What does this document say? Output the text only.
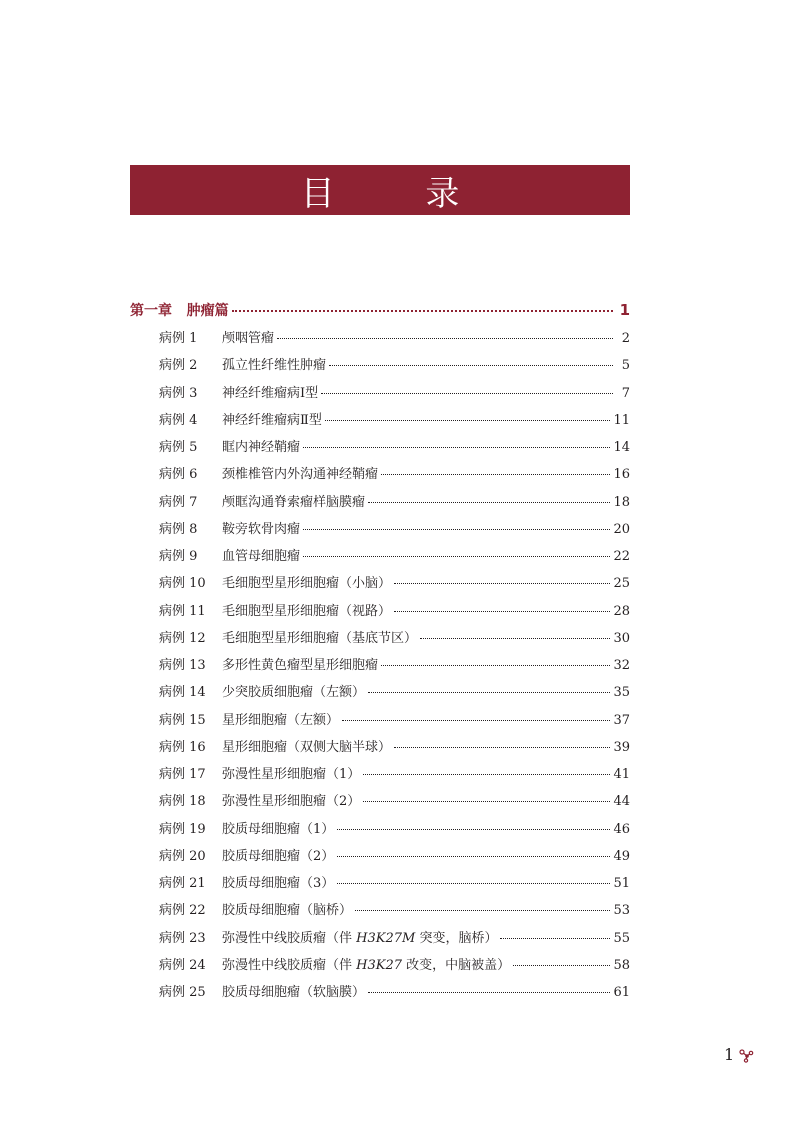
目 录
第一章   肿瘤篇	1
病例 1	颅咽管瘤	2
病例 2	孤立性纤维性肿瘤	5
病例 3	神经纤维瘤病Ⅰ型	7
病例 4	神经纤维瘤病Ⅱ型	11
病例 5	眶内神经鞘瘤	14
病例 6	颈椎椎管内外沟通神经鞘瘤	16
病例 7	颅眶沟通脊索瘤样脑膜瘤	18
病例 8	鞍旁软骨肉瘤	20
病例 9	血管母细胞瘤	22
病例 10	毛细胞型星形细胞瘤（小脑）	25
病例 11	毛细胞型星形细胞瘤（视路）	28
病例 12	毛细胞型星形细胞瘤（基底节区）	30
病例 13	多形性黄色瘤型星形细胞瘤	32
病例 14	少突胶质细胞瘤（左额）	35
病例 15	星形细胞瘤（左额）	37
病例 16	星形细胞瘤（双侧大脑半球）	39
病例 17	弥漫性星形细胞瘤（1）	41
病例 18	弥漫性星形细胞瘤（2）	44
病例 19	胶质母细胞瘤（1）	46
病例 20	胶质母细胞瘤（2）	49
病例 21	胶质母细胞瘤（3）	51
病例 22	胶质母细胞瘤（脑桥）	53
病例 23	弥漫性中线胶质瘤（伴 H3K27M 突变，脑桥）	55
病例 24	弥漫性中线胶质瘤（伴 H3K27 改变，中脑被盖）	58
病例 25	胶质母细胞瘤（软脑膜）	61
1
